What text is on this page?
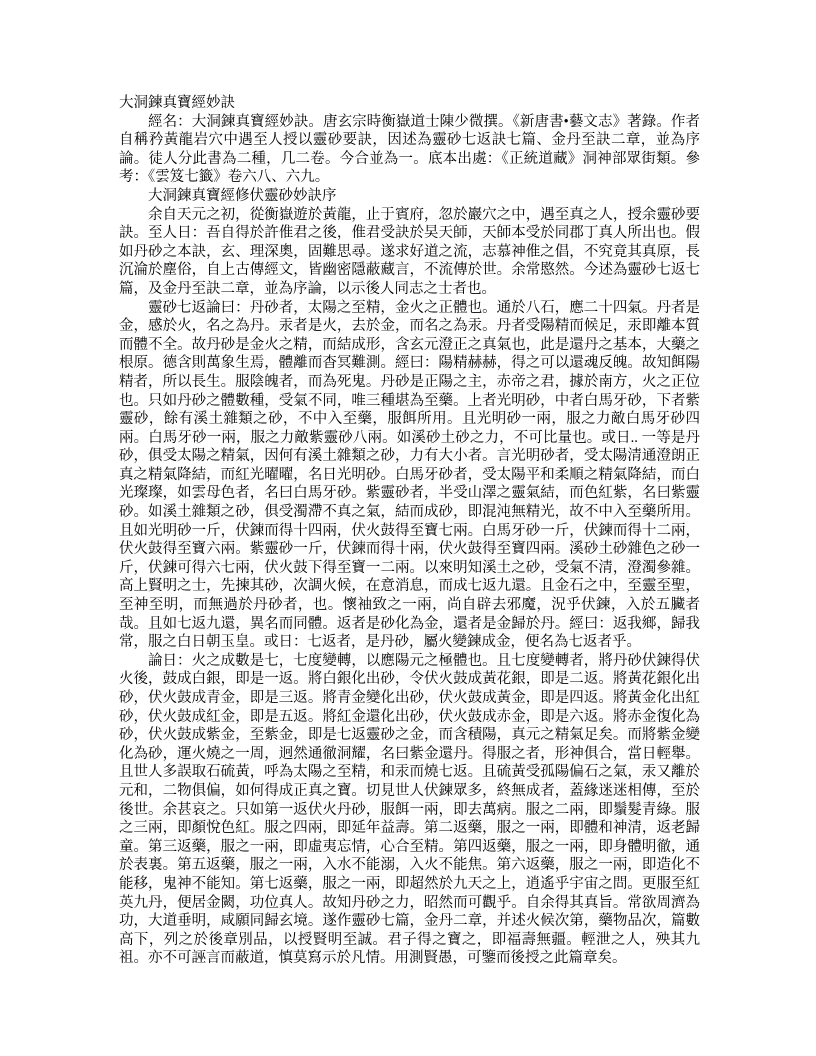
大洞鍊真寶經妙訣

經名：大洞鍊真寶經妙訣。唐玄宗時衡嶽道士陳少微撰。《新唐書•藝文志》著錄。作者自稱矜黃龍岩穴中遇至人授以靈砂要訣，因述為靈砂七返訣七篇、金丹至訣二章，並為序論。徒人分此書為二種，几二卷。今合並為一。底本出處：《正統道藏》洞神部眾街類。參考：《雲笈七籤》卷六八、六九。

大洞鍊真寶經修伏靈砂妙訣序

余自天元之初，從衡嶽遊於黃龍，止于賓府，忽於巖穴之中，遇至真之人，授余靈砂要訣。至人日：吾自得於許倠君之後，倠君受訣於旲天師，天師本受於同郡丁真人所出也。假如丹砂之本訣，玄、理深奧，固難思尋。遂求好道之流，志慕神倠之倡，不究竟其真原，長沉淪於塵俗，自上古傳經文，皆幽密隱蔽藏言，不流傳於世。余常愍然。今述為靈砂七返七篇，及金丹至訣二章，並為序論，以示後人同志之士者也。

靈砂七返論曰：丹砂者，太陽之至精，金火之正體也。通於八石，應二十四氣。丹者是金，感於火，名之為丹。汞者是火，去於金，而名之為汞。丹者受陽精而候足，汞即離本質而體不全。故丹砂是金火之精，而結成形，含玄元澄正之真氣也，此是還丹之基本，大藥之根原。德含則萬象生焉，體離而杳冥難測。經曰：陽精赫赫，得之可以還魂反魄。故知餌陽精者，所以長生。服陰魄者，而為死鬼。丹砂是正陽之主，赤帝之君，據於南方，火之正位也。只如丹砂之體數種，受氣不同，唯三種堪為至藥。上者光明砂，中者白馬牙砂，下者紫靈砂，餘有溪土雜類之砂，不中入至藥，服餌所用。且光明砂一兩，服之力敵白馬牙砂四兩。白馬牙砂一兩，服之力敵紫靈砂八兩。如溪砂土砂之力，不可比量也。或日.. 一等是丹砂，俱受太陽之精氣，因何有溪土雜類之砂，力有大小者。言光明砂者，受太陽清通澄朗正真之精氣降結，而紅光曜曜，名日光明砂。白馬牙砂者，受太陽平和柔順之精氣降結，而白光璨璨，如雲母色者，名曰白馬牙砂。紫靈砂者，半受山澤之靈氣結，而色紅紫，名曰紫靈砂。如溪土雜類之砂，俱受濁滯不真之氣，結而成砂，即混沌無精光，故不中入至藥所用。且如光明砂一斤，伏鍊而得十四兩，伏火鼓得至寶七兩。白馬牙砂一斤，伏鍊而得十二兩，伏火鼓得至寶六兩。紫靈砂一斤，伏鍊而得十兩，伏火鼓得至寶四兩。溪砂土砂雜色之砂一斤，伏鍊可得六七兩，伏火鼓下得至寶一二兩。以來明知溪土之砂，受氣不清，澄濁參雜。高上賢明之士，先揀其砂，次調火候，在意消息，而成七返九還。且金石之中，至靈至聖，至神至明，而無過於丹砂者，也。懷袖致之一兩，尚自辟去邪魔，況乎伏鍊，入於五臟者哉。且如七返九還，異名而同體。返者是砂化為金，還者是金歸於丹。經曰：返我鄉，歸我常，服之白日朝玉皇。或日：七返者，是丹砂，屬火變鍊成金，便名為七返者乎。

論日：火之成數是七，七度變轉，以應陽元之極體也。且七度變轉者，將丹砂伏鍊得伏火後，鼓成白銀，即是一返。將白銀化出砂，令伏火鼓成黃花銀，即是二返。將黃花銀化出砂，伏火鼓成青金，即是三返。將青金變化出砂，伏火鼓成黃金，即是四返。將黃金化出紅砂，伏火鼓成紅金，即是五返。將紅金還化出砂，伏火鼓成赤金，即是六返。將赤金復化為砂，伏火鼓成紫金，至紫金，即是七返靈砂之金，而含積陽，真元之精氣足矣。而將紫金變化為砂，運火燒之一周，迥然通徹洞耀，名曰紫金還丹。得服之者，形神俱合，當日輕舉。且世人多誤取石硫黃，呼為太陽之至精，和汞而燒七返。且硫黃受孤陽偏石之氣，汞又離於元和，二物俱偏，如何得成正真之寶。切見世人伏鍊眾多，終無成者，蓋緣迷迷相傳，至於後世。余甚哀之。只如第一返伏火丹砂，服餌一兩，即去萬病。服之二兩，即鬚髮青綠。服之三兩，即顏悅色紅。服之四兩，即延年益壽。第二返藥，服之一兩，即體和神清，返老歸童。第三返藥，服之一兩，即虛夷忘情，心合至精。第四返藥，服之一兩，即身體明徹，通於表裏。第五返藥，服之一兩，入水不能溺，入火不能焦。第六返藥，服之一兩，即造化不能移，鬼神不能知。第七返藥，服之一兩，即超然於九天之上，逍遙乎宇宙之問。更服至紅英九丹，便居金闕，功位真人。故知丹砂之力，昭然而可觀乎。自余得其真旨。常欲周濟為功，大道垂明，咸願同歸玄境。遂作靈砂七篇，金丹二章，并述火候次第，藥物品次，篇數高下，列之於後章別品，以授賢明至誠。君子得之寶之，即福壽無疆。輕泄之人，殃其九祖。亦不可誣言而蔽道，慎莫寫示於凡情。用測賢愚，可鑒而後授之此篇章矣。
